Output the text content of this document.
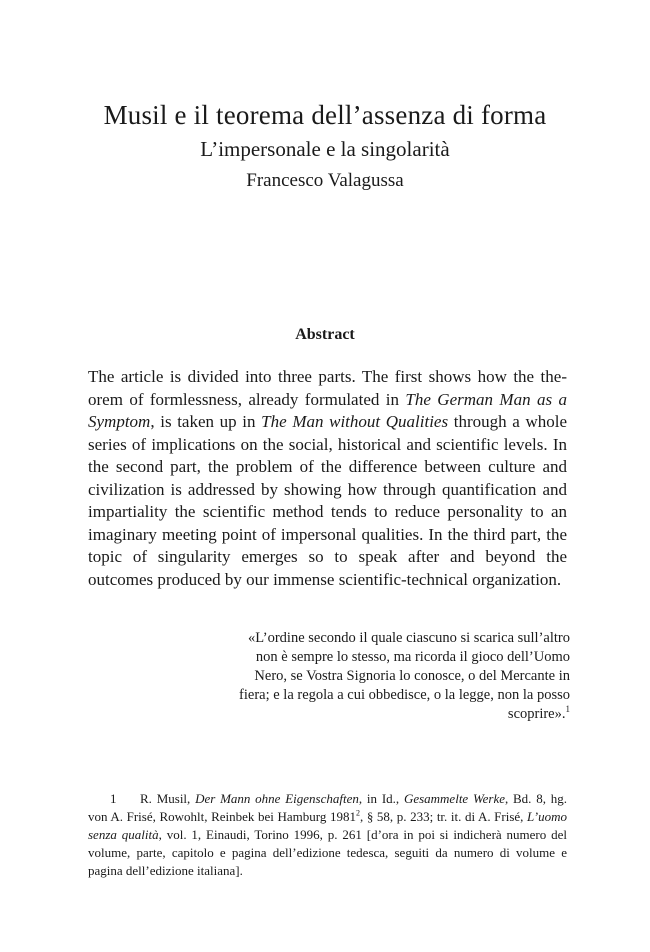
Musil e il teorema dell’assenza di forma
L’impersonale e la singolarità
Francesco Valagussa
Abstract
The article is divided into three parts. The first shows how the theorem of formlessness, already formulated in The German Man as a Symptom, is taken up in The Man without Qualities through a whole series of implications on the social, historical and scientific levels. In the second part, the problem of the difference between culture and civilization is addressed by showing how through quantification and impartiality the scientific method tends to reduce personality to an imaginary meeting point of impersonal qualities. In the third part, the topic of singularity emerges so to speak after and beyond the outcomes produced by our immense scientific-technical organization.
«L’ordine secondo il quale ciascuno si scarica sull’altro
non è sempre lo stesso, ma ricorda il gioco dell’Uomo
Nero, se Vostra Signoria lo conosce, o del Mercante in
fiera; e la regola a cui obbedisce, o la legge, non la posso
scoprire».$^1$
1 R. Musil, Der Mann ohne Eigenschaften, in Id., Gesammelte Werke, Bd. 8, hg. von A. Frisé, Rowohlt, Reinbek bei Hamburg 1981$^2$, § 58, p. 233; tr. it. di A. Frisé, L’uomo senza qualità, vol. 1, Einaudi, Torino 1996, p. 261 [d’ora in poi si indicherà numero del volume, parte, capitolo e pagina dell’edizione tedesca, seguiti da numero di volume e pagina dell’edizione italiana].
